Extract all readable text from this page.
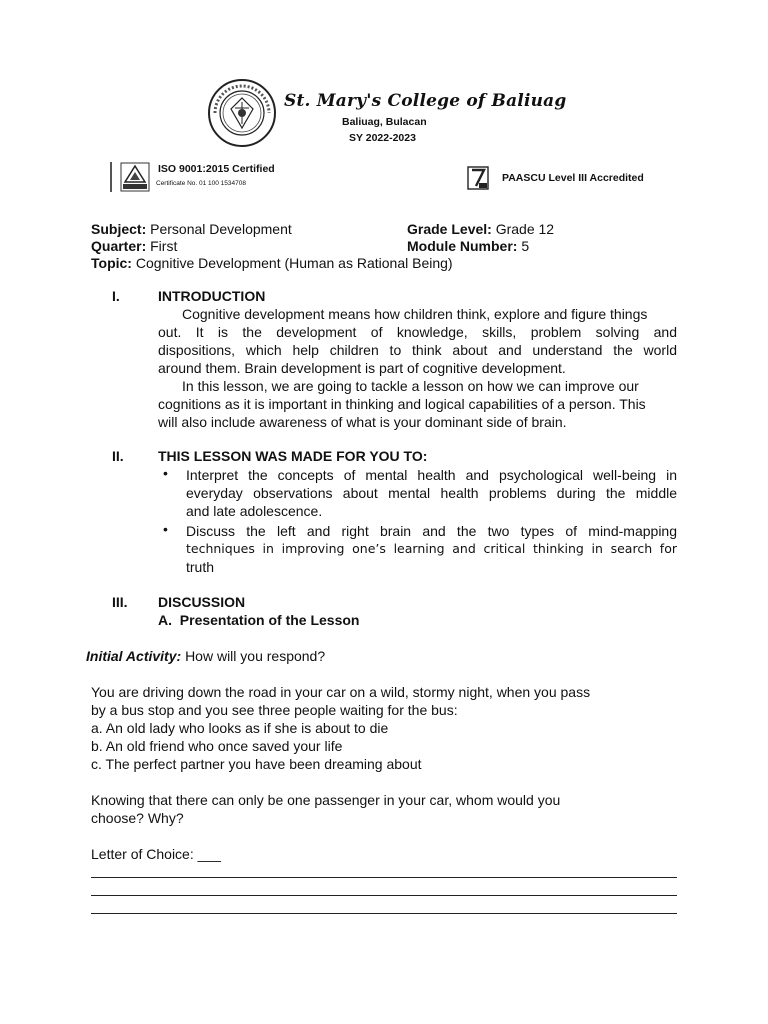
St. Mary's College of Baliuag
Baliuag, Bulacan
SY 2022-2023
ISO 9001:2015 Certified
Certificate No. 01 100 1534708	PAASCU Level III Accredited
Subject: Personal Development	Grade Level: Grade 12
Quarter: First	Module Number: 5
Topic: Cognitive Development (Human as Rational Being)
I.	INTRODUCTION
Cognitive development means how children think, explore and figure things
out. It is the development of knowledge, skills, problem solving and
dispositions, which help children to think about and understand the world
around them. Brain development is part of cognitive development.
In this lesson, we are going to tackle a lesson on how we can improve our
cognitions as it is important in thinking and logical capabilities of a person. This
will also include awareness of what is your dominant side of brain.
II. THIS LESSON WAS MADE FOR YOU TO:
• Interpret the concepts of mental health and psychological well-being in
everyday observations about mental health problems during the middle
and late adolescence.
• Discuss the left and right brain and the two types of mind-mapping
techniques in improving one’s learning and critical thinking in search for
truth
III. DISCUSSION
A.  Presentation of the Lesson
Initial Activity: How will you respond?
You are driving down the road in your car on a wild, stormy night, when you pass
by a bus stop and you see three people waiting for the bus:
a. An old lady who looks as if she is about to die
b. An old friend who once saved your life
c. The perfect partner you have been dreaming about
Knowing that there can only be one passenger in your car, whom would you
choose? Why?
Letter of Choice: ___
